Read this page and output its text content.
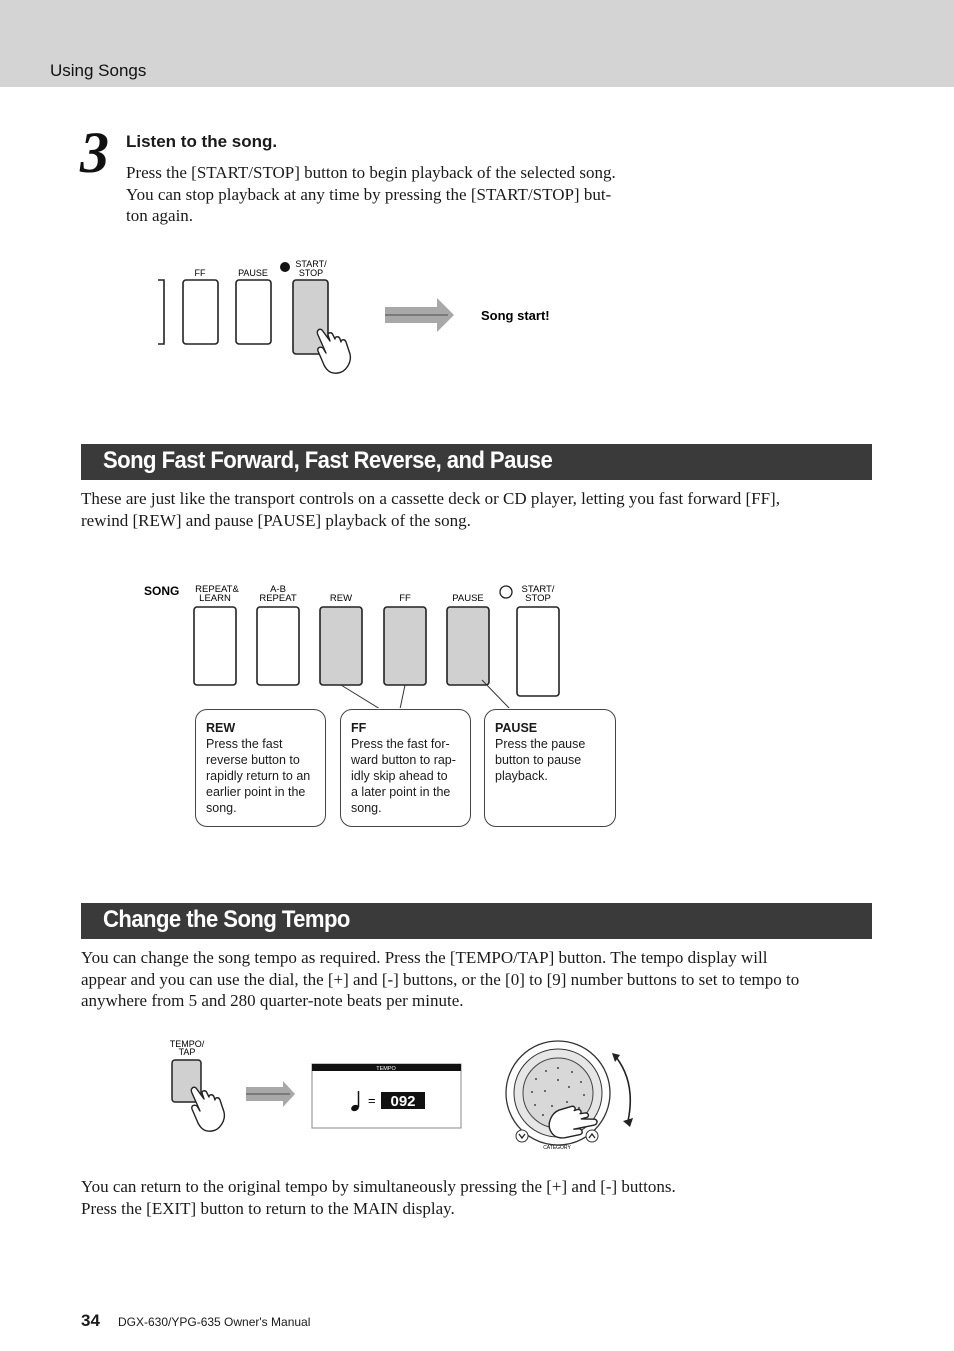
Using Songs
3 Listen to the song.
Press the [START/STOP] button to begin playback of the selected song.
You can stop playback at any time by pressing the [START/STOP] but-
ton again.
FF	PAUSE
START/
STOP
Song start!
Song Fast Forward, Fast Reverse, and Pause
These are just like the transport controls on a cassette deck or CD player, letting you fast forward [FF],
rewind [REW] and pause [PAUSE] playback of the song.
SONG REPEAT&
LEARN
A-B
REPEAT	REW	FF	PAUSE
START/
STOP
REW
Press the fast
reverse button to
rapidly return to an
earlier point in the
song.
FF
Press the fast for-
ward button to rap-
idly skip ahead to
a later point in the
song.
PAUSE
Press the pause
button to pause
playback.
Change the Song Tempo
You can change the song tempo as required. Press the [TEMPO/TAP] button. The tempo display will
appear and you can use the dial, the [+] and [-] buttons, or the [0] to [9] number buttons to set to tempo to
anywhere from 5 and 280 quarter-note beats per minute.
TEMPO/
TAP
TEMPO
= 092
CATEGORY
You can return to the original tempo by simultaneously pressing the [+] and [-] buttons.
Press the [EXIT] button to return to the MAIN display.
34 DGX-630/YPG-635 Owner's Manual
